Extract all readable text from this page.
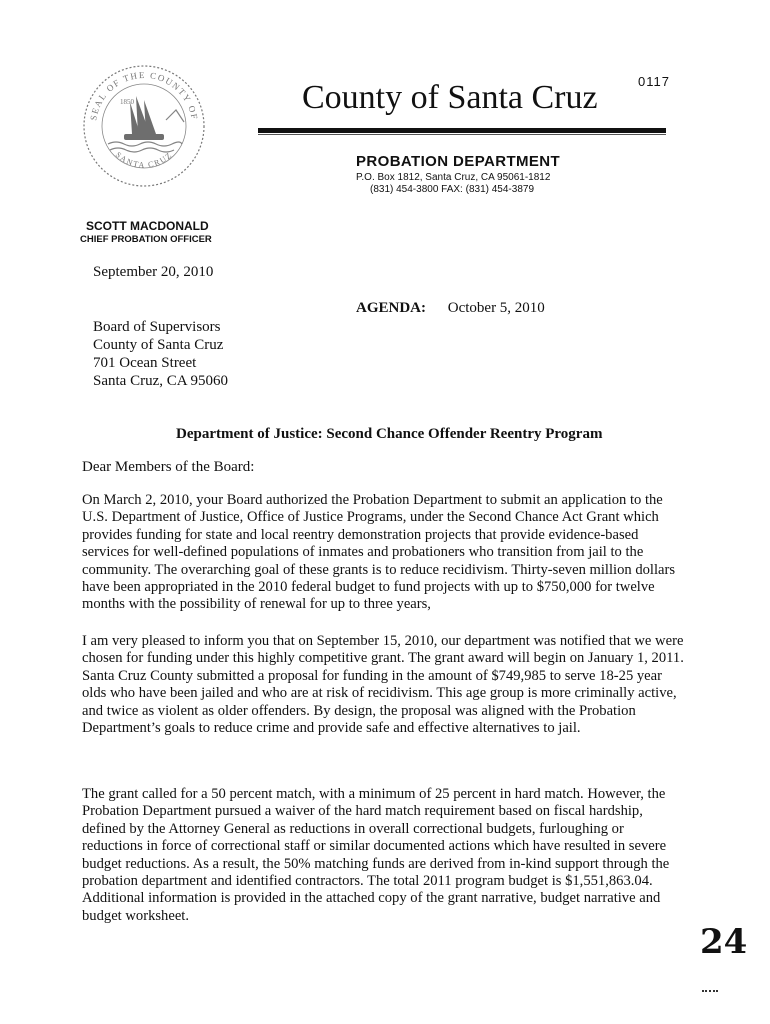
SEAL OF THE COUNTY OF
SANTA CRUZ
1850
0117
County of Santa Cruz
PROBATION DEPARTMENT
P.O. Box 1812, Santa Cruz, CA 95061-1812
(831) 454-3800 FAX: (831) 454-3879
SCOTT MACDONALD
CHIEF PROBATION OFFICER
September 20, 2010
AGENDA: October 5, 2010
Board of Supervisors
County of Santa Cruz
701 Ocean Street
Santa Cruz, CA 95060
Department of Justice: Second Chance Offender Reentry Program
Dear Members of the Board:
On March 2, 2010, your Board authorized the Probation Department to submit an application to the U.S. Department of Justice, Office of Justice Programs, under the Second Chance Act Grant which provides funding for state and local reentry demonstration projects that provide evidence-based services for well-defined populations of inmates and probationers who transition from jail to the community. The overarching goal of these grants is to reduce recidivism. Thirty-seven million dollars have been appropriated in the 2010 federal budget to fund projects with up to $750,000 for twelve months with the possibility of renewal for up to three years,
I am very pleased to inform you that on September 15, 2010, our department was notified that we were chosen for funding under this highly competitive grant. The grant award will begin on January 1, 2011. Santa Cruz County submitted a proposal for funding in the amount of $749,985 to serve 18-25 year olds who have been jailed and who are at risk of recidivism. This age group is more criminally active, and twice as violent as older offenders. By design, the proposal was aligned with the Probation Department’s goals to reduce crime and provide safe and effective alternatives to jail.
The grant called for a 50 percent match, with a minimum of 25 percent in hard match. However, the Probation Department pursued a waiver of the hard match requirement based on fiscal hardship, defined by the Attorney General as reductions in overall correctional budgets, furloughing or reductions in force of correctional staff or similar documented actions which have resulted in severe budget reductions. As a result, the 50% matching funds are derived from in-kind support through the probation department and identified contractors. The total 2011 program budget is $1,551,863.04. Additional information is provided in the attached copy of the grant narrative, budget narrative and budget worksheet.
24
